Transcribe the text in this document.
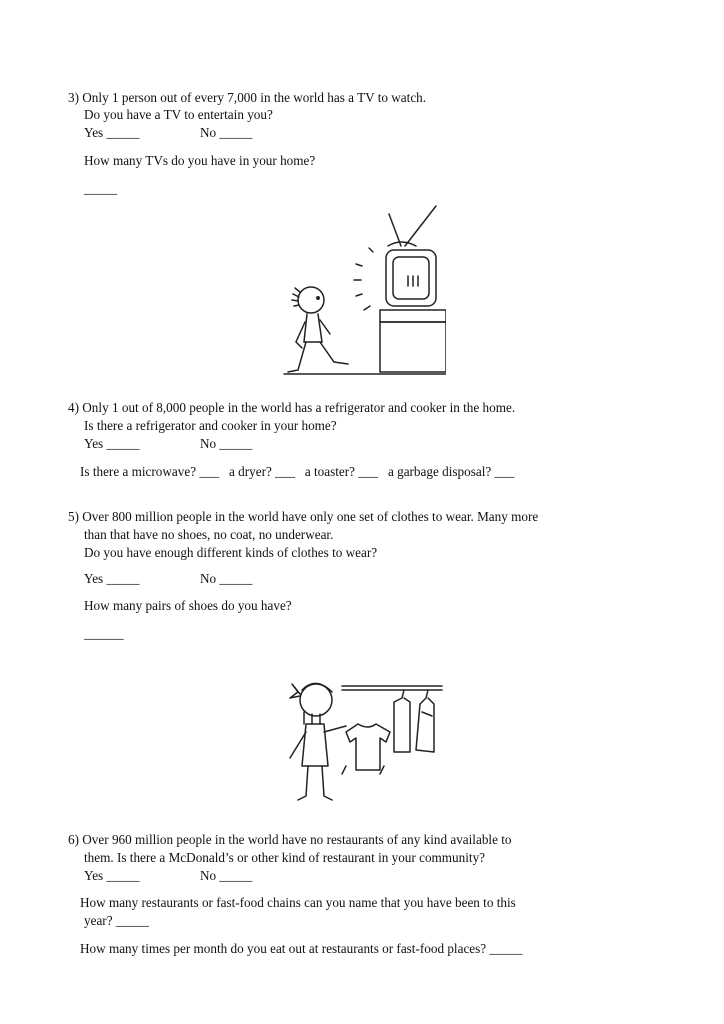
3) Only 1 person out of every 7,000 in the world has a TV to watch.
Do you have a TV to entertain you?
Yes _____	No _____
How many TVs do you have in your home?
_____
4) Only 1 out of 8,000 people in the world has a refrigerator and cooker in the home.
Is there a refrigerator and cooker in your home?
Yes _____	No _____
Is there a microwave? ___   a dryer? ___   a toaster? ___   a garbage disposal? ___
5) Over 800 million people in the world have only one set of clothes to wear. Many more
than that have no shoes, no coat, no underwear.
Do you have enough different kinds of clothes to wear?
Yes _____	No _____
How many pairs of shoes do you have?
______
6) Over 960 million people in the world have no restaurants of any kind available to
them. Is there a McDonald’s or other kind of restaurant in your community?
Yes _____	No _____
How many restaurants or fast-food chains can you name that you have been to this
year? _____
How many times per month do you eat out at restaurants or fast-food places? _____
